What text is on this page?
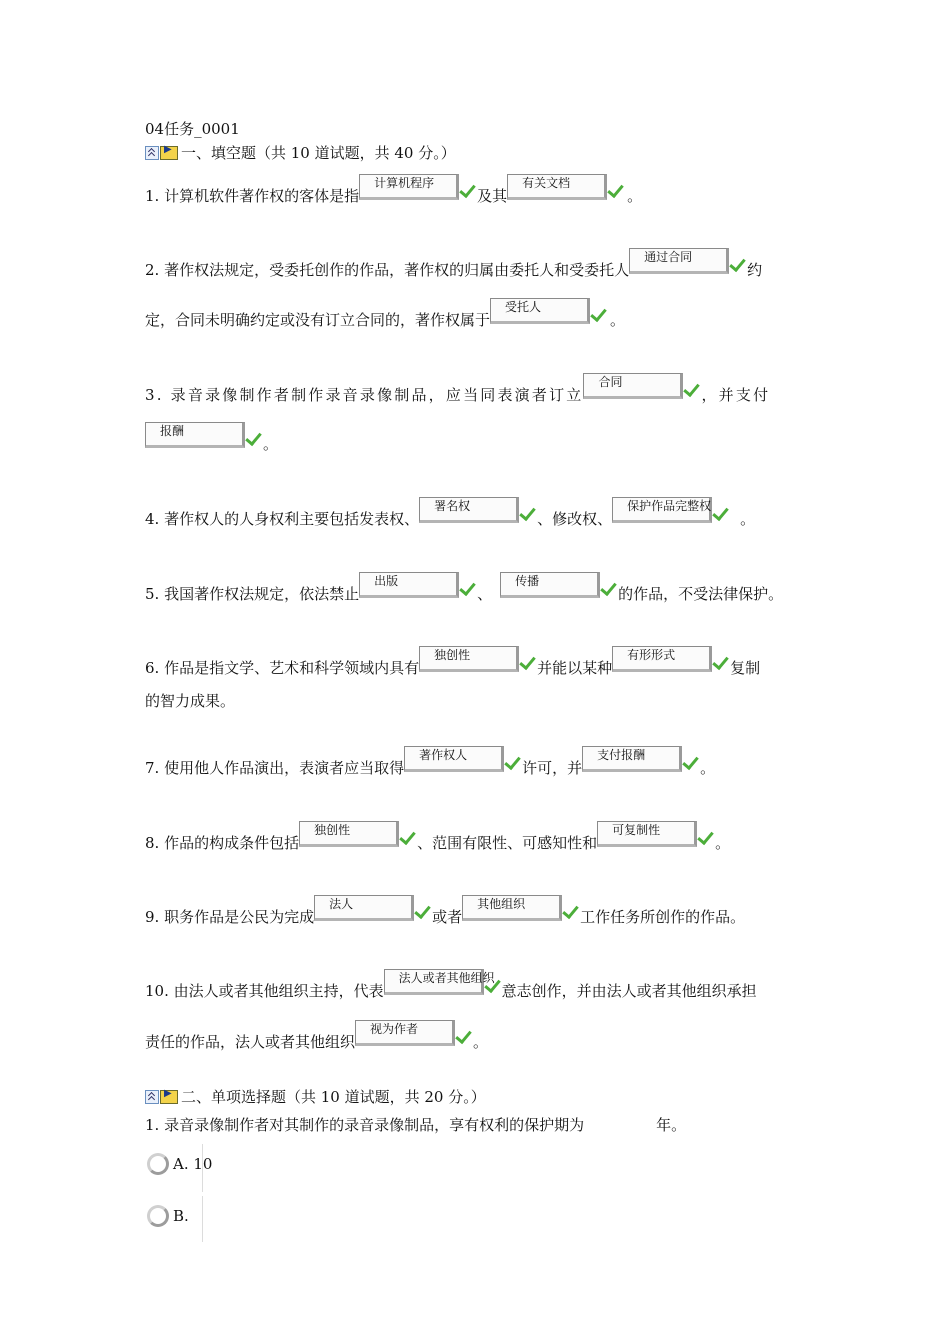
04任务_0001
▶
一、填空题（共 10 道试题，共 40 分。）
1. 计算机软件著作权的客体是指
计算机程序
及其
有关文档
。
2. 著作权法规定，受委托创作的作品，著作权的归属由委托人和受委托人
通过合同
约
定，合同未明确约定或没有订立合同的，著作权属于
受托人
。
3. 录音录像制作者制作录音录像制品，应当同表演者订立
合同
，并支付
报酬
。
4. 著作权人的人身权利主要包括发表权、
署名权
、修改权、
保护作品完整权
。
5. 我国著作权法规定，依法禁止
出版
、
传播
的作品，不受法律保护。
6. 作品是指文学、艺术和科学领域内具有
独创性
并能以某种
有形形式
复制
的智力成果。
7. 使用他人作品演出，表演者应当取得
著作权人
许可，并
支付报酬
。
8. 作品的构成条件包括
独创性
、范围有限性、可感知性和
可复制性
。
9. 职务作品是公民为完成
法人
或者
其他组织
工作任务所创作的作品。
10. 由法人或者其他组织主持，代表
法人或者其他组织
意志创作，并由法人或者其他组织承担
责任的作品，法人或者其他组织
视为作者
。
▶
二、单项选择题（共 10 道试题，共 20 分。）
1. 录音录像制作者对其制作的录音录像制品，享有权利的保护期为	年。
A. 10
B.
